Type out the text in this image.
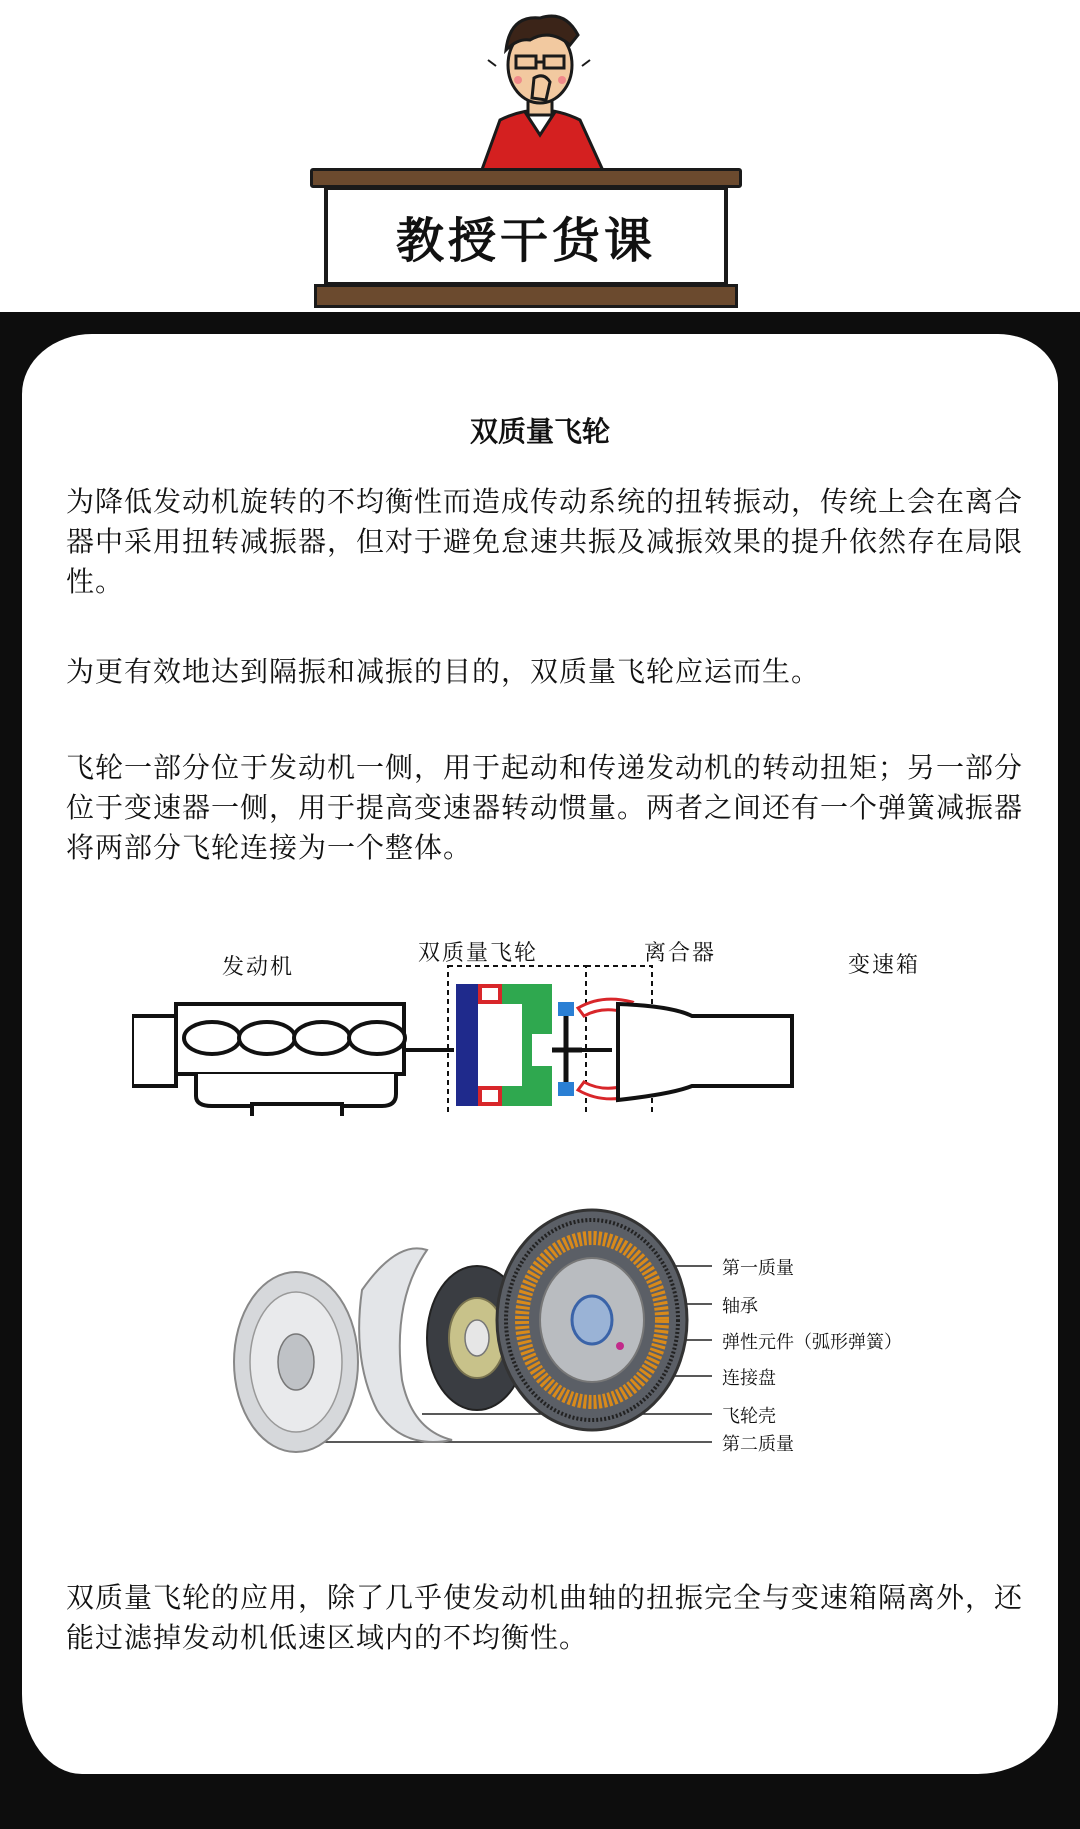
教授干货课
双质量飞轮
为降低发动机旋转的不均衡性而造成传动系统的扭转振动，传统上会在离合器中采用扭转减振器，但对于避免怠速共振及减振效果的提升依然存在局限性。
为更有效地达到隔振和减振的目的，双质量飞轮应运而生。
飞轮一部分位于发动机一侧，用于起动和传递发动机的转动扭矩；另一部分位于变速器一侧，用于提高变速器转动惯量。两者之间还有一个弹簧减振器将两部分飞轮连接为一个整体。
发动机
双质量飞轮	离合器	变速箱
第一质量
轴承
弹性元件（弧形弹簧）
连接盘
飞轮壳
第二质量
双质量飞轮的应用，除了几乎使发动机曲轴的扭振完全与变速箱隔离外，还能过滤掉发动机低速区域内的不均衡性。
